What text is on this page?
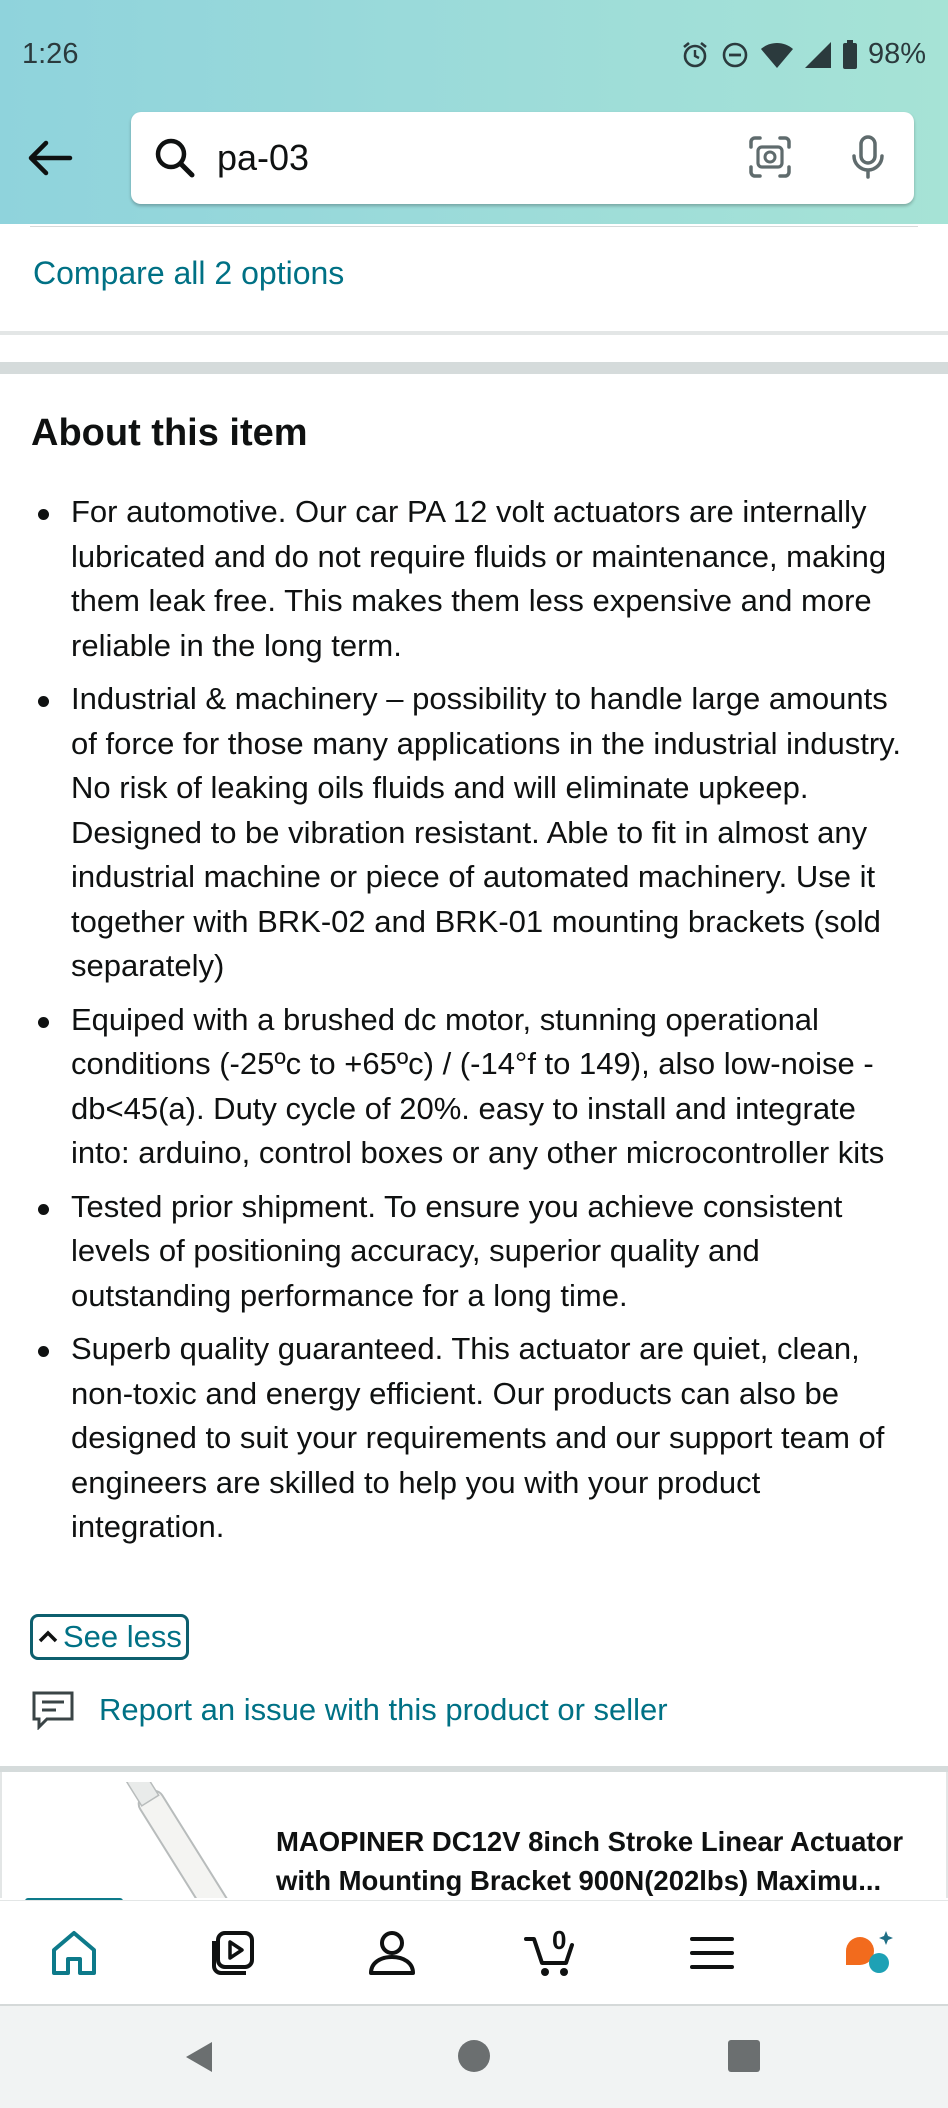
1:26	98%
pa-03
Compare all 2 options
About this item
For automotive. Our car PA 12 volt actuators are internally lubricated and do not require fluids or maintenance, making them leak free. This makes them less expensive and more reliable in the long term.
Industrial & machinery – possibility to handle large amounts of force for those many applications in the industrial industry. No risk of leaking oils fluids and will eliminate upkeep. Designed to be vibration resistant. Able to fit in almost any industrial machine or piece of automated machinery. Use it together with BRK-02 and BRK-01 mounting brackets (sold separately)
Equiped with a brushed dc motor, stunning operational conditions (-25ºc to +65ºc) / (-14°f to 149), also low-noise - db<45(a). Duty cycle of 20%. easy to install and integrate into: arduino, control boxes or any other microcontroller kits
Tested prior shipment. To ensure you achieve consistent levels of positioning accuracy, superior quality and outstanding performance for a long time.
Superb quality guaranteed. This actuator are quiet, clean, non-toxic and energy efficient. Our products can also be designed to suit your requirements and our support team of engineers are skilled to help you with your product integration.
See less
Report an issue with this product or seller
MAOPINER DC12V 8inch Stroke Linear Actuator
with Mounting Bracket 900N(202lbs) Maximu...
0
